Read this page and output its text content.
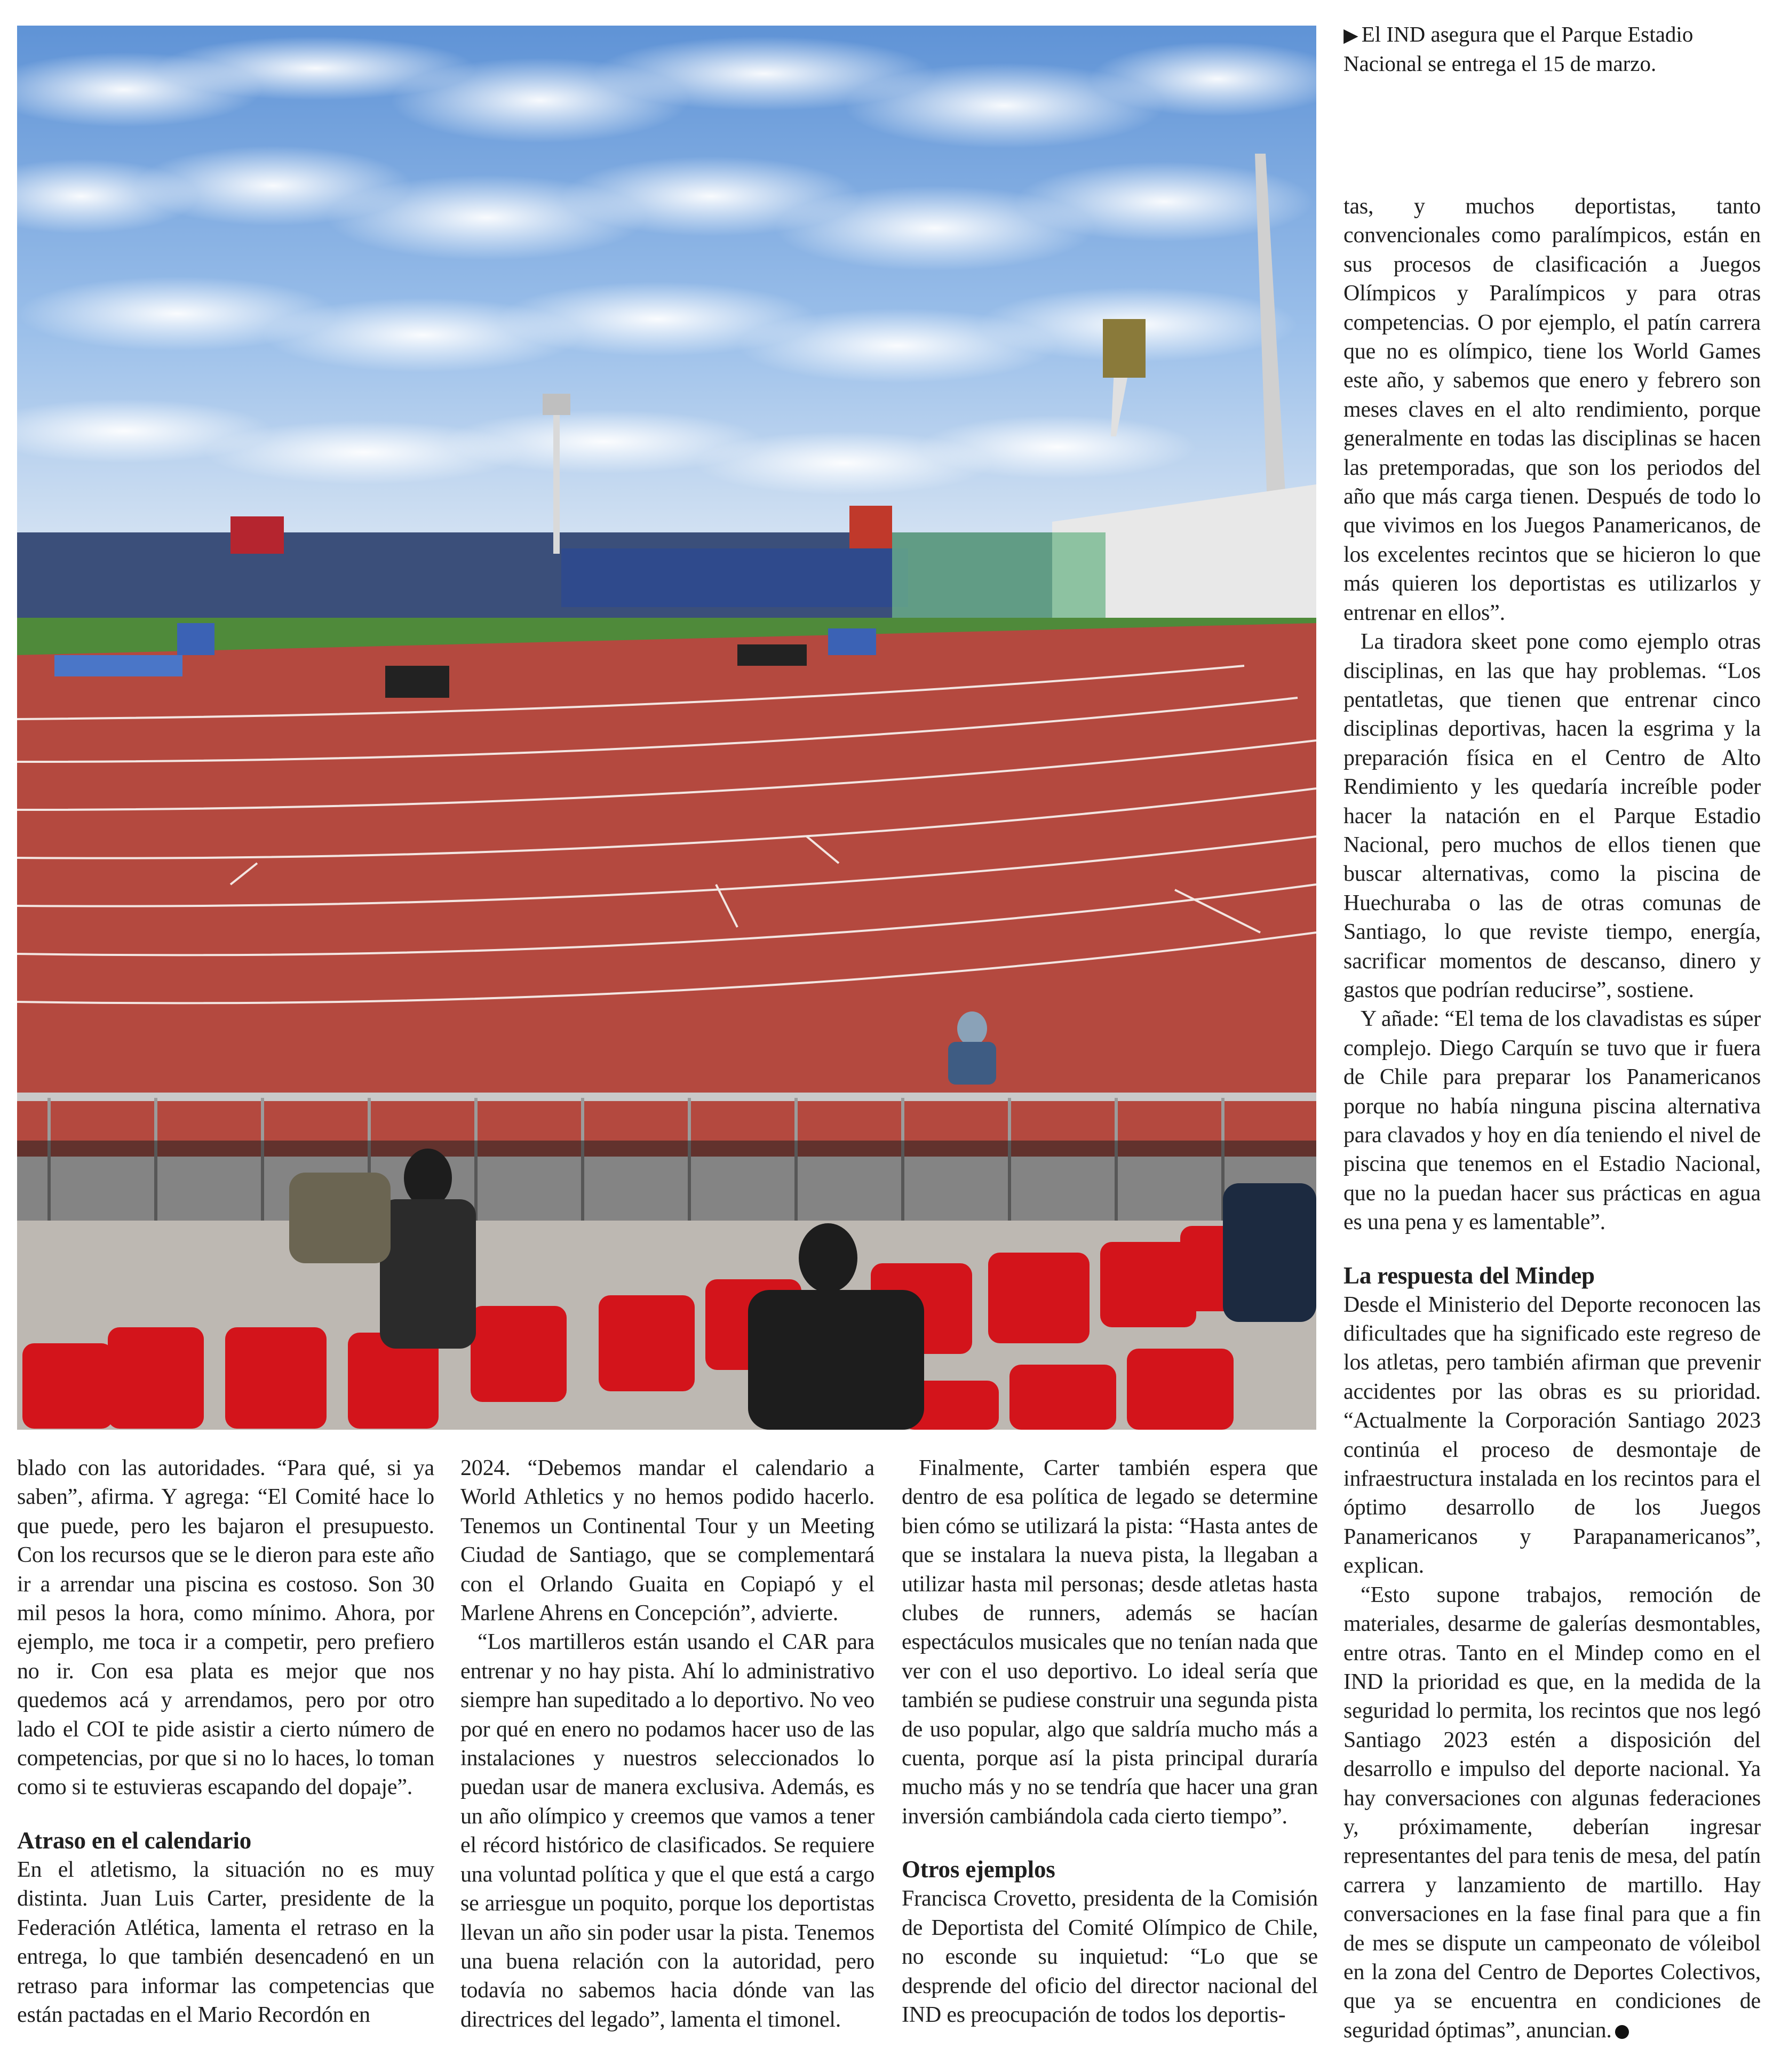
▶ El IND asegura que el Parque Estadio Nacional se entrega el 15 de marzo.

blado con las autoridades. “Para qué, si ya saben”, afirma. Y agrega: “El Comité hace lo que puede, pero les bajaron el presupuesto. Con los recursos que se le dieron para este año ir a arrendar una piscina es costoso. Son 30 mil pesos la hora, como mínimo. Ahora, por ejemplo, me toca ir a competir, pero prefiero no ir. Con esa plata es mejor que nos quedemos acá y arrendamos, pero por otro lado el COI te pide asistir a cierto número de competencias, por que si no lo haces, lo toman como si te estuvieras escapando del dopaje”.

Atraso en el calendario

En el atletismo, la situación no es muy distinta. Juan Luis Carter, presidente de la Federación Atlética, lamenta el retraso en la entrega, lo que también desencadenó en un retraso para informar las competencias que están pactadas en el Mario Recordón en

2024. “Debemos mandar el calendario a World Athletics y no hemos podido hacerlo. Tenemos un Continental Tour y un Meeting Ciudad de Santiago, que se complementará con el Orlando Guaita en Copiapó y el Marlene Ahrens en Concepción”, advierte.

“Los martilleros están usando el CAR para entrenar y no hay pista. Ahí lo administrativo siempre han supeditado a lo deportivo. No veo por qué en enero no podamos hacer uso de las instalaciones y nuestros seleccionados lo puedan usar de manera exclusiva. Además, es un año olímpico y creemos que vamos a tener el récord histórico de clasificados. Se requiere una voluntad política y que el que está a cargo se arriesgue un poquito, porque los deportistas llevan un año sin poder usar la pista. Tenemos una buena relación con la autoridad, pero todavía no sabemos hacia dónde van las directrices del legado”, lamenta el timonel.

Finalmente, Carter también espera que dentro de esa política de legado se determine bien cómo se utilizará la pista: “Hasta antes de que se instalara la nueva pista, la llegaban a utilizar hasta mil personas; desde atletas hasta clubes de runners, además se hacían espectáculos musicales que no tenían nada que ver con el uso deportivo. Lo ideal sería que también se pudiese construir una segunda pista de uso popular, algo que saldría mucho más a cuenta, porque así la pista principal duraría mucho más y no se tendría que hacer una gran inversión cambiándola cada cierto tiempo”.

Otros ejemplos

Francisca Crovetto, presidenta de la Comisión de Deportista del Comité Olímpico de Chile, no esconde su inquietud: “Lo que se desprende del oficio del director nacional del IND es preocupación de todos los deportis-

tas, y muchos deportistas, tanto convencionales como paralímpicos, están en sus procesos de clasificación a Juegos Olímpicos y Paralímpicos y para otras competencias. O por ejemplo, el patín carrera que no es olímpico, tiene los World Games este año, y sabemos que enero y febrero son meses claves en el alto rendimiento, porque generalmente en todas las disciplinas se hacen las pretemporadas, que son los periodos del año que más carga tienen. Después de todo lo que vivimos en los Juegos Panamericanos, de los excelentes recintos que se hicieron lo que más quieren los deportistas es utilizarlos y entrenar en ellos”.

La tiradora skeet pone como ejemplo otras disciplinas, en las que hay problemas. “Los pentatletas, que tienen que entrenar cinco disciplinas deportivas, hacen la esgrima y la preparación física en el Centro de Alto Rendimiento y les quedaría increíble poder hacer la natación en el Parque Estadio Nacional, pero muchos de ellos tienen que buscar alternativas, como la piscina de Huechuraba o las de otras comunas de Santiago, lo que reviste tiempo, energía, sacrificar momentos de descanso, dinero y gastos que podrían reducirse”, sostiene.

Y añade: “El tema de los clavadistas es súper complejo. Diego Carquín se tuvo que ir fuera de Chile para preparar los Panamericanos porque no había ninguna piscina alternativa para clavados y hoy en día teniendo el nivel de piscina que tenemos en el Estadio Nacional, que no la puedan hacer sus prácticas en agua es una pena y es lamentable”.

La respuesta del Mindep

Desde el Ministerio del Deporte reconocen las dificultades que ha significado este regreso de los atletas, pero también afirman que prevenir accidentes por las obras es su prioridad. “Actualmente la Corporación Santiago 2023 continúa el proceso de desmontaje de infraestructura instalada en los recintos para el óptimo desarrollo de los Juegos Panamericanos y Parapanamericanos”, explican.

“Esto supone trabajos, remoción de materiales, desarme de galerías desmontables, entre otras. Tanto en el Mindep como en el IND la prioridad es que, en la medida de la seguridad lo permita, los recintos que nos legó Santiago 2023 estén a disposición del desarrollo e impulso del deporte nacional. Ya hay conversaciones con algunas federaciones y, próximamente, deberían ingresar representantes del para tenis de mesa, del patín carrera y lanzamiento de martillo. Hay conversaciones en la fase final para que a fin de mes se dispute un campeonato de vóleibol en la zona del Centro de Deportes Colectivos, que ya se encuentra en condiciones de seguridad óptimas”, anuncian.
